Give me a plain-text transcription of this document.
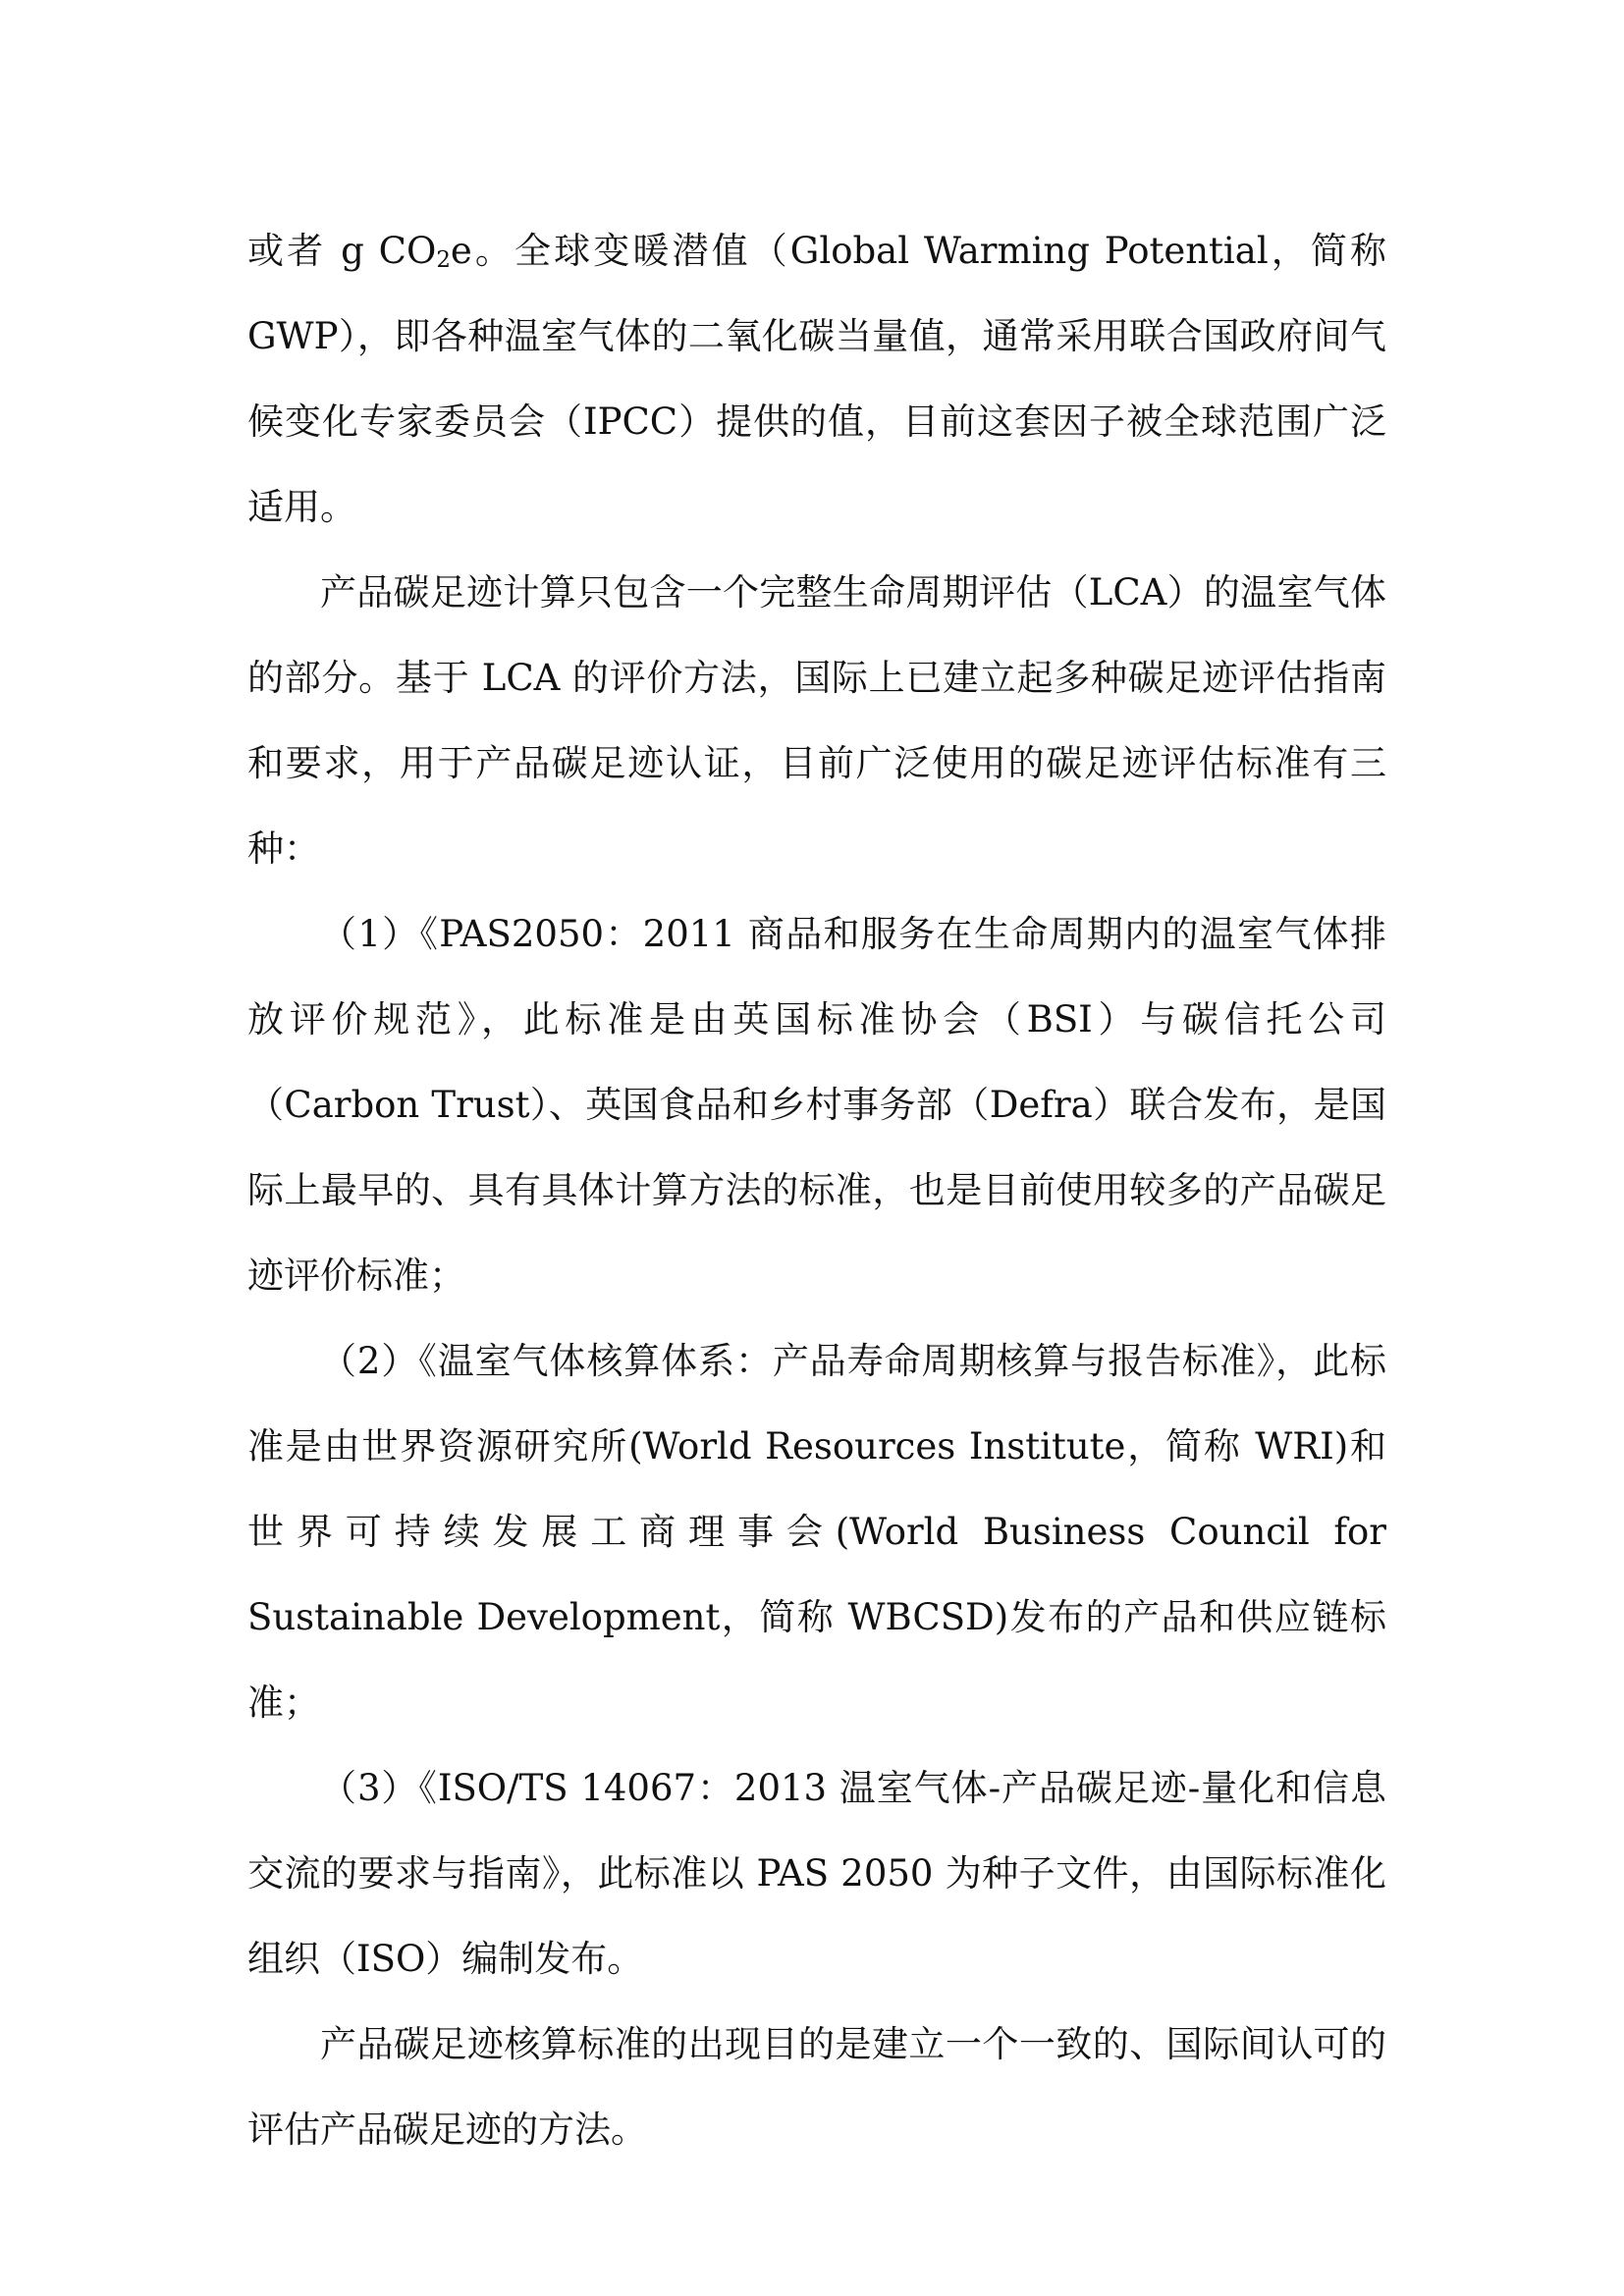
或者 g CO2e。全球变暖潜值（Global Warming Potential，简称 GWP），即各种温室气体的二氧化碳当量值，通常采用联合国政府间气候变化专家委员会（IPCC）提供的值，目前这套因子被全球范围广泛适用。

产品碳足迹计算只包含一个完整生命周期评估（LCA）的温室气体的部分。基于 LCA 的评价方法，国际上已建立起多种碳足迹评估指南和要求，用于产品碳足迹认证，目前广泛使用的碳足迹评估标准有三种：

（1）《PAS2050：2011 商品和服务在生命周期内的温室气体排放评价规范》，此标准是由英国标准协会（BSI）与碳信托公司（Carbon Trust）、英国食品和乡村事务部（Defra）联合发布，是国际上最早的、具有具体计算方法的标准，也是目前使用较多的产品碳足迹评价标准；

（2）《温室气体核算体系：产品寿命周期核算与报告标准》，此标准是由世界资源研究所(World Resources Institute，简称 WRI)和世界可持续发展工商理事会(World Business Council for Sustainable Development，简称 WBCSD)发布的产品和供应链标准；

（3）《ISO/TS 14067：2013 温室气体-产品碳足迹-量化和信息交流的要求与指南》，此标准以 PAS 2050 为种子文件，由国际标准化组织（ISO）编制发布。

产品碳足迹核算标准的出现目的是建立一个一致的、国际间认可的评估产品碳足迹的方法。
